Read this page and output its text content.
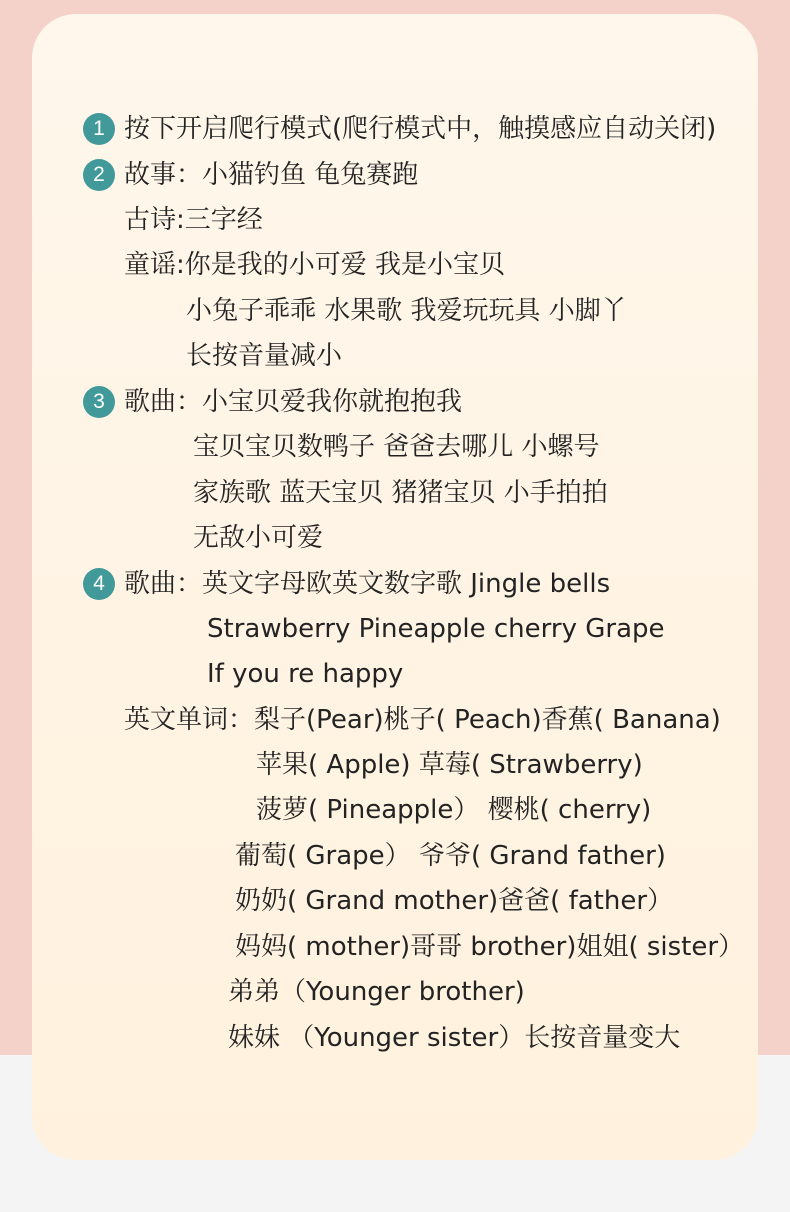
1
2
3
4
按下开启爬行模式(爬行模式中，触摸感应自动关闭)
故事：小猫钓鱼 龟兔赛跑
古诗:三字经
童谣:你是我的小可爱 我是小宝贝
小兔子乖乖 水果歌 我爱玩玩具 小脚丫
长按音量减小
歌曲：小宝贝爱我你就抱抱我
宝贝宝贝数鸭子 爸爸去哪儿 小螺号
家族歌 蓝天宝贝 猪猪宝贝 小手拍拍
无敌小可爱
歌曲：英文字母欧英文数字歌 Jingle bells
Strawberry Pineapple cherry Grape
If you re happy
英文单词：梨子(Pear)桃子( Peach)香蕉( Banana)
苹果( Apple) 草莓( Strawberry)
菠萝( Pineapple） 樱桃( cherry)
葡萄( Grape） 爷爷( Grand father)
奶奶( Grand mother)爸爸( father）
妈妈( mother)哥哥 brother)姐姐( sister）
弟弟（Younger brother)
妹妹 （Younger sister）长按音量变大
